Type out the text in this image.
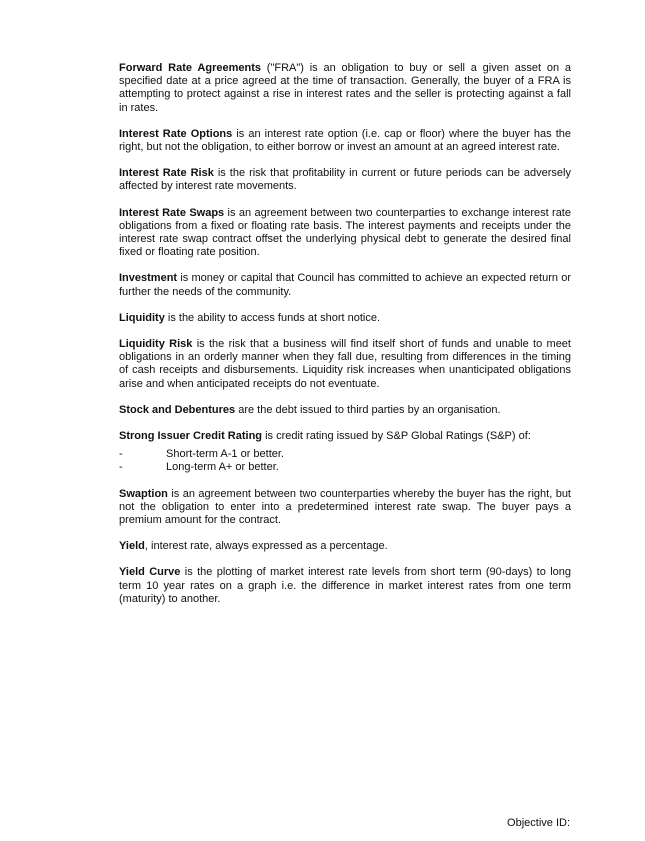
Forward Rate Agreements ("FRA") is an obligation to buy or sell a given asset on a specified date at a price agreed at the time of transaction. Generally, the buyer of a FRA is attempting to protect against a rise in interest rates and the seller is protecting against a fall in rates.

Interest Rate Options is an interest rate option (i.e. cap or floor) where the buyer has the right, but not the obligation, to either borrow or invest an amount at an agreed interest rate.

Interest Rate Risk is the risk that profitability in current or future periods can be adversely affected by interest rate movements.

Interest Rate Swaps is an agreement between two counterparties to exchange interest rate obligations from a fixed or floating rate basis. The interest payments and receipts under the interest rate swap contract offset the underlying physical debt to generate the desired final fixed or floating rate position.

Investment is money or capital that Council has committed to achieve an expected return or further the needs of the community.

Liquidity is the ability to access funds at short notice.

Liquidity Risk is the risk that a business will find itself short of funds and unable to meet obligations in an orderly manner when they fall due, resulting from differences in the timing of cash receipts and disbursements. Liquidity risk increases when unanticipated obligations arise and when anticipated receipts do not eventuate.

Stock and Debentures are the debt issued to third parties by an organisation.

Strong Issuer Credit Rating is credit rating issued by S&P Global Ratings (S&P) of:

-	Short-term A-1 or better.
-	Long-term A+ or better.

Swaption is an agreement between two counterparties whereby the buyer has the right, but not the obligation to enter into a predetermined interest rate swap. The buyer pays a premium amount for the contract.

Yield, interest rate, always expressed as a percentage.

Yield Curve is the plotting of market interest rate levels from short term (90-days) to long term 10 year rates on a graph i.e. the difference in market interest rates from one term (maturity) to another.

Objective ID:
